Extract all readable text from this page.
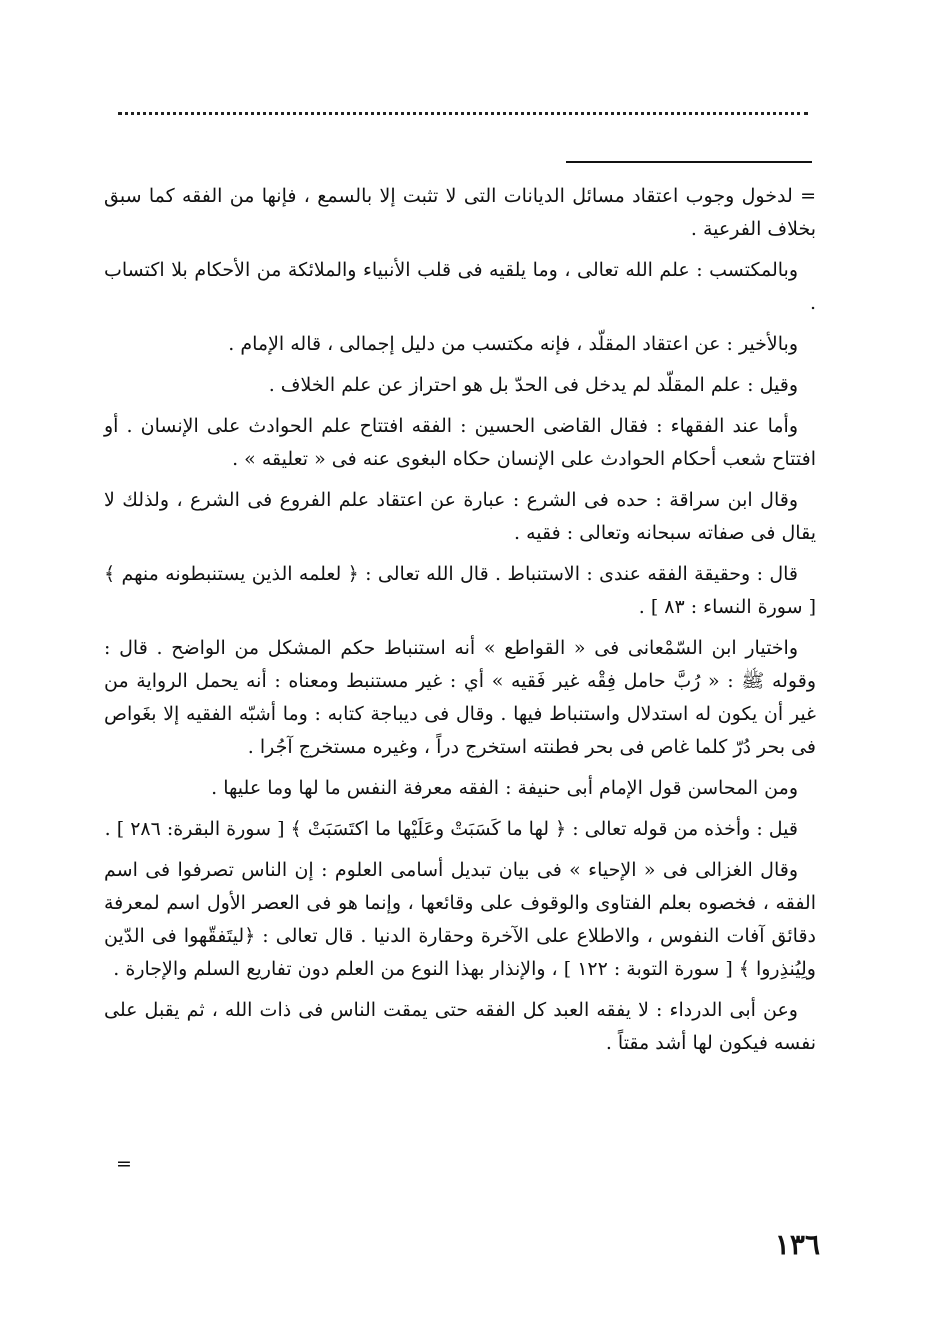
= لدخول وجوب اعتقاد مسائل الديانات التى لا تثبت إلا بالسمع ، فإنها من الفقه كما سبق بخلاف الفرعية .

وبالمكتسب : علم الله تعالى ، وما يلقيه فى قلب الأنبياء والملائكة من الأحكام بلا اكتساب .

وبالأخير : عن اعتقاد المقلّد ، فإنه مكتسب من دليل إجمالى ، قاله الإمام .

وقيل : علم المقلّد لم يدخل فى الحدّ بل هو احتراز عن علم الخلاف .

وأما عند الفقهاء : فقال القاضى الحسين : الفقه افتتاح علم الحوادث على الإنسان . أو افتتاح شعب أحكام الحوادث على الإنسان حكاه البغوى عنه فى « تعليقه » .

وقال ابن سراقة : حده فى الشرع : عبارة عن اعتقاد علم الفروع فى الشرع ، ولذلك لا يقال فى صفاته سبحانه وتعالى : فقيه .

قال : وحقيقة الفقه عندى : الاستنباط . قال الله تعالى : ﴿ لعلمه الذين يستنبطونه منهم ﴾ [ سورة النساء : ٨٣ ] .

واختيار ابن السّمْعانى فى « القواطع » أنه استنباط حكم المشكل من الواضح . قال : وقوله ﷺ : « رُبَّ حامل فِقْه غير فَقيه » أي : غير مستنبط ومعناه : أنه يحمل الرواية من غير أن يكون له استدلال واستنباط فيها . وقال فى ديباجة كتابه : وما أشبّه الفقيه إلا بغَواص فى بحر دُرّ كلما غاص فى بحر فطنته استخرج دراً ، وغيره مستخرج آجُرا .

ومن المحاسن قول الإمام أبى حنيفة : الفقه معرفة النفس ما لها وما عليها .

قيل : وأخذه من قوله تعالى : ﴿ لها ما كَسَبَتْ وعَلَيْها ما اكتَسَبَتْ ﴾ [ سورة البقرة: ٢٨٦ ] .

وقال الغزالى فى « الإحياء » فى بيان تبديل أسامى العلوم : إن الناس تصرفوا فى اسم الفقه ، فخصوه بعلم الفتاوى والوقوف على وقائعها ، وإنما هو فى العصر الأول اسم لمعرفة دقائق آفات النفوس ، والاطلاع على الآخرة وحقارة الدنيا . قال تعالى : ﴿ليتَفقّهوا فى الدّين ولِيُنذِروا ﴾ [ سورة التوبة : ١٢٢ ] ، والإنذار بهذا النوع من العلم دون تفاريع السلم والإجارة .

وعن أبى الدرداء : لا يفقه العبد كل الفقه حتى يمقت الناس فى ذات الله ، ثم يقبل على نفسه فيكون لها أشد مقتاً .

=
١٣٦
